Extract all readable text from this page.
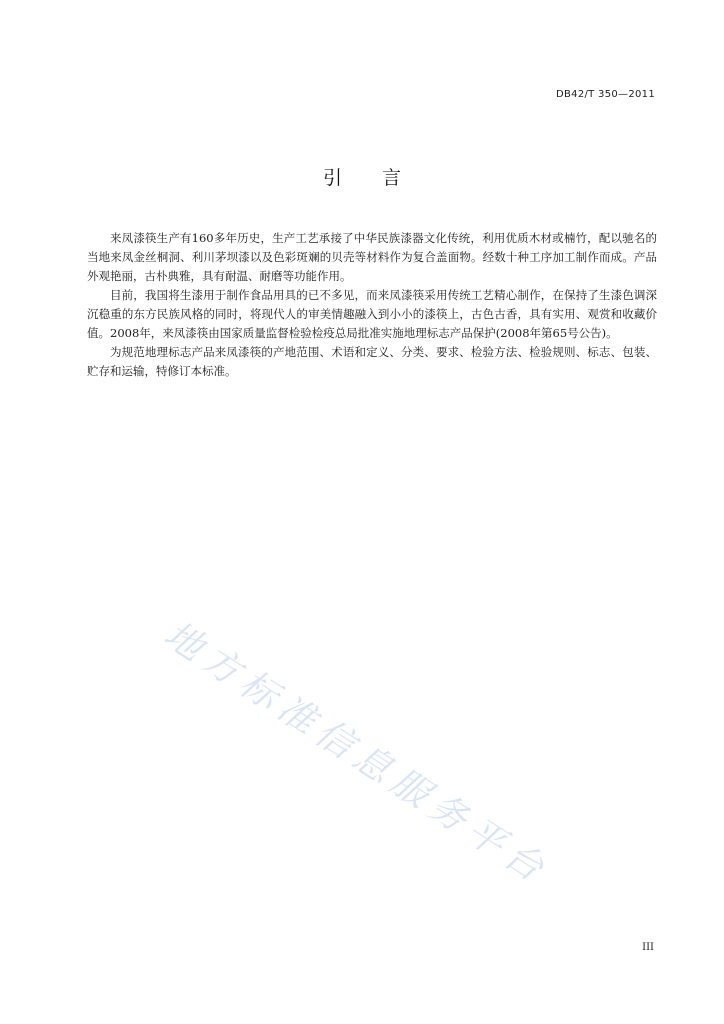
DB42/T 350—2011
引 言

来凤漆筷生产有160多年历史，生产工艺承接了中华民族漆器文化传统，利用优质木材或楠竹，配以驰名的当地来凤金丝桐洞、利川茅坝漆以及色彩斑斓的贝壳等材料作为复合盖面物。经数十种工序加工制作而成。产品外观艳丽，古朴典雅，具有耐温、耐磨等功能作用。

目前，我国将生漆用于制作食品用具的已不多见，而来凤漆筷采用传统工艺精心制作，在保持了生漆色调深沉稳重的东方民族风格的同时，将现代人的审美情趣融入到小小的漆筷上，古色古香，具有实用、观赏和收藏价值。2008年，来凤漆筷由国家质量监督检验检疫总局批准实施地理标志产品保护(2008年第65号公告)。

为规范地理标志产品来凤漆筷的产地范围、术语和定义、分类、要求、检验方法、检验规则、标志、包装、贮存和运输，特修订本标准。

地方标准信息服务平台
III
